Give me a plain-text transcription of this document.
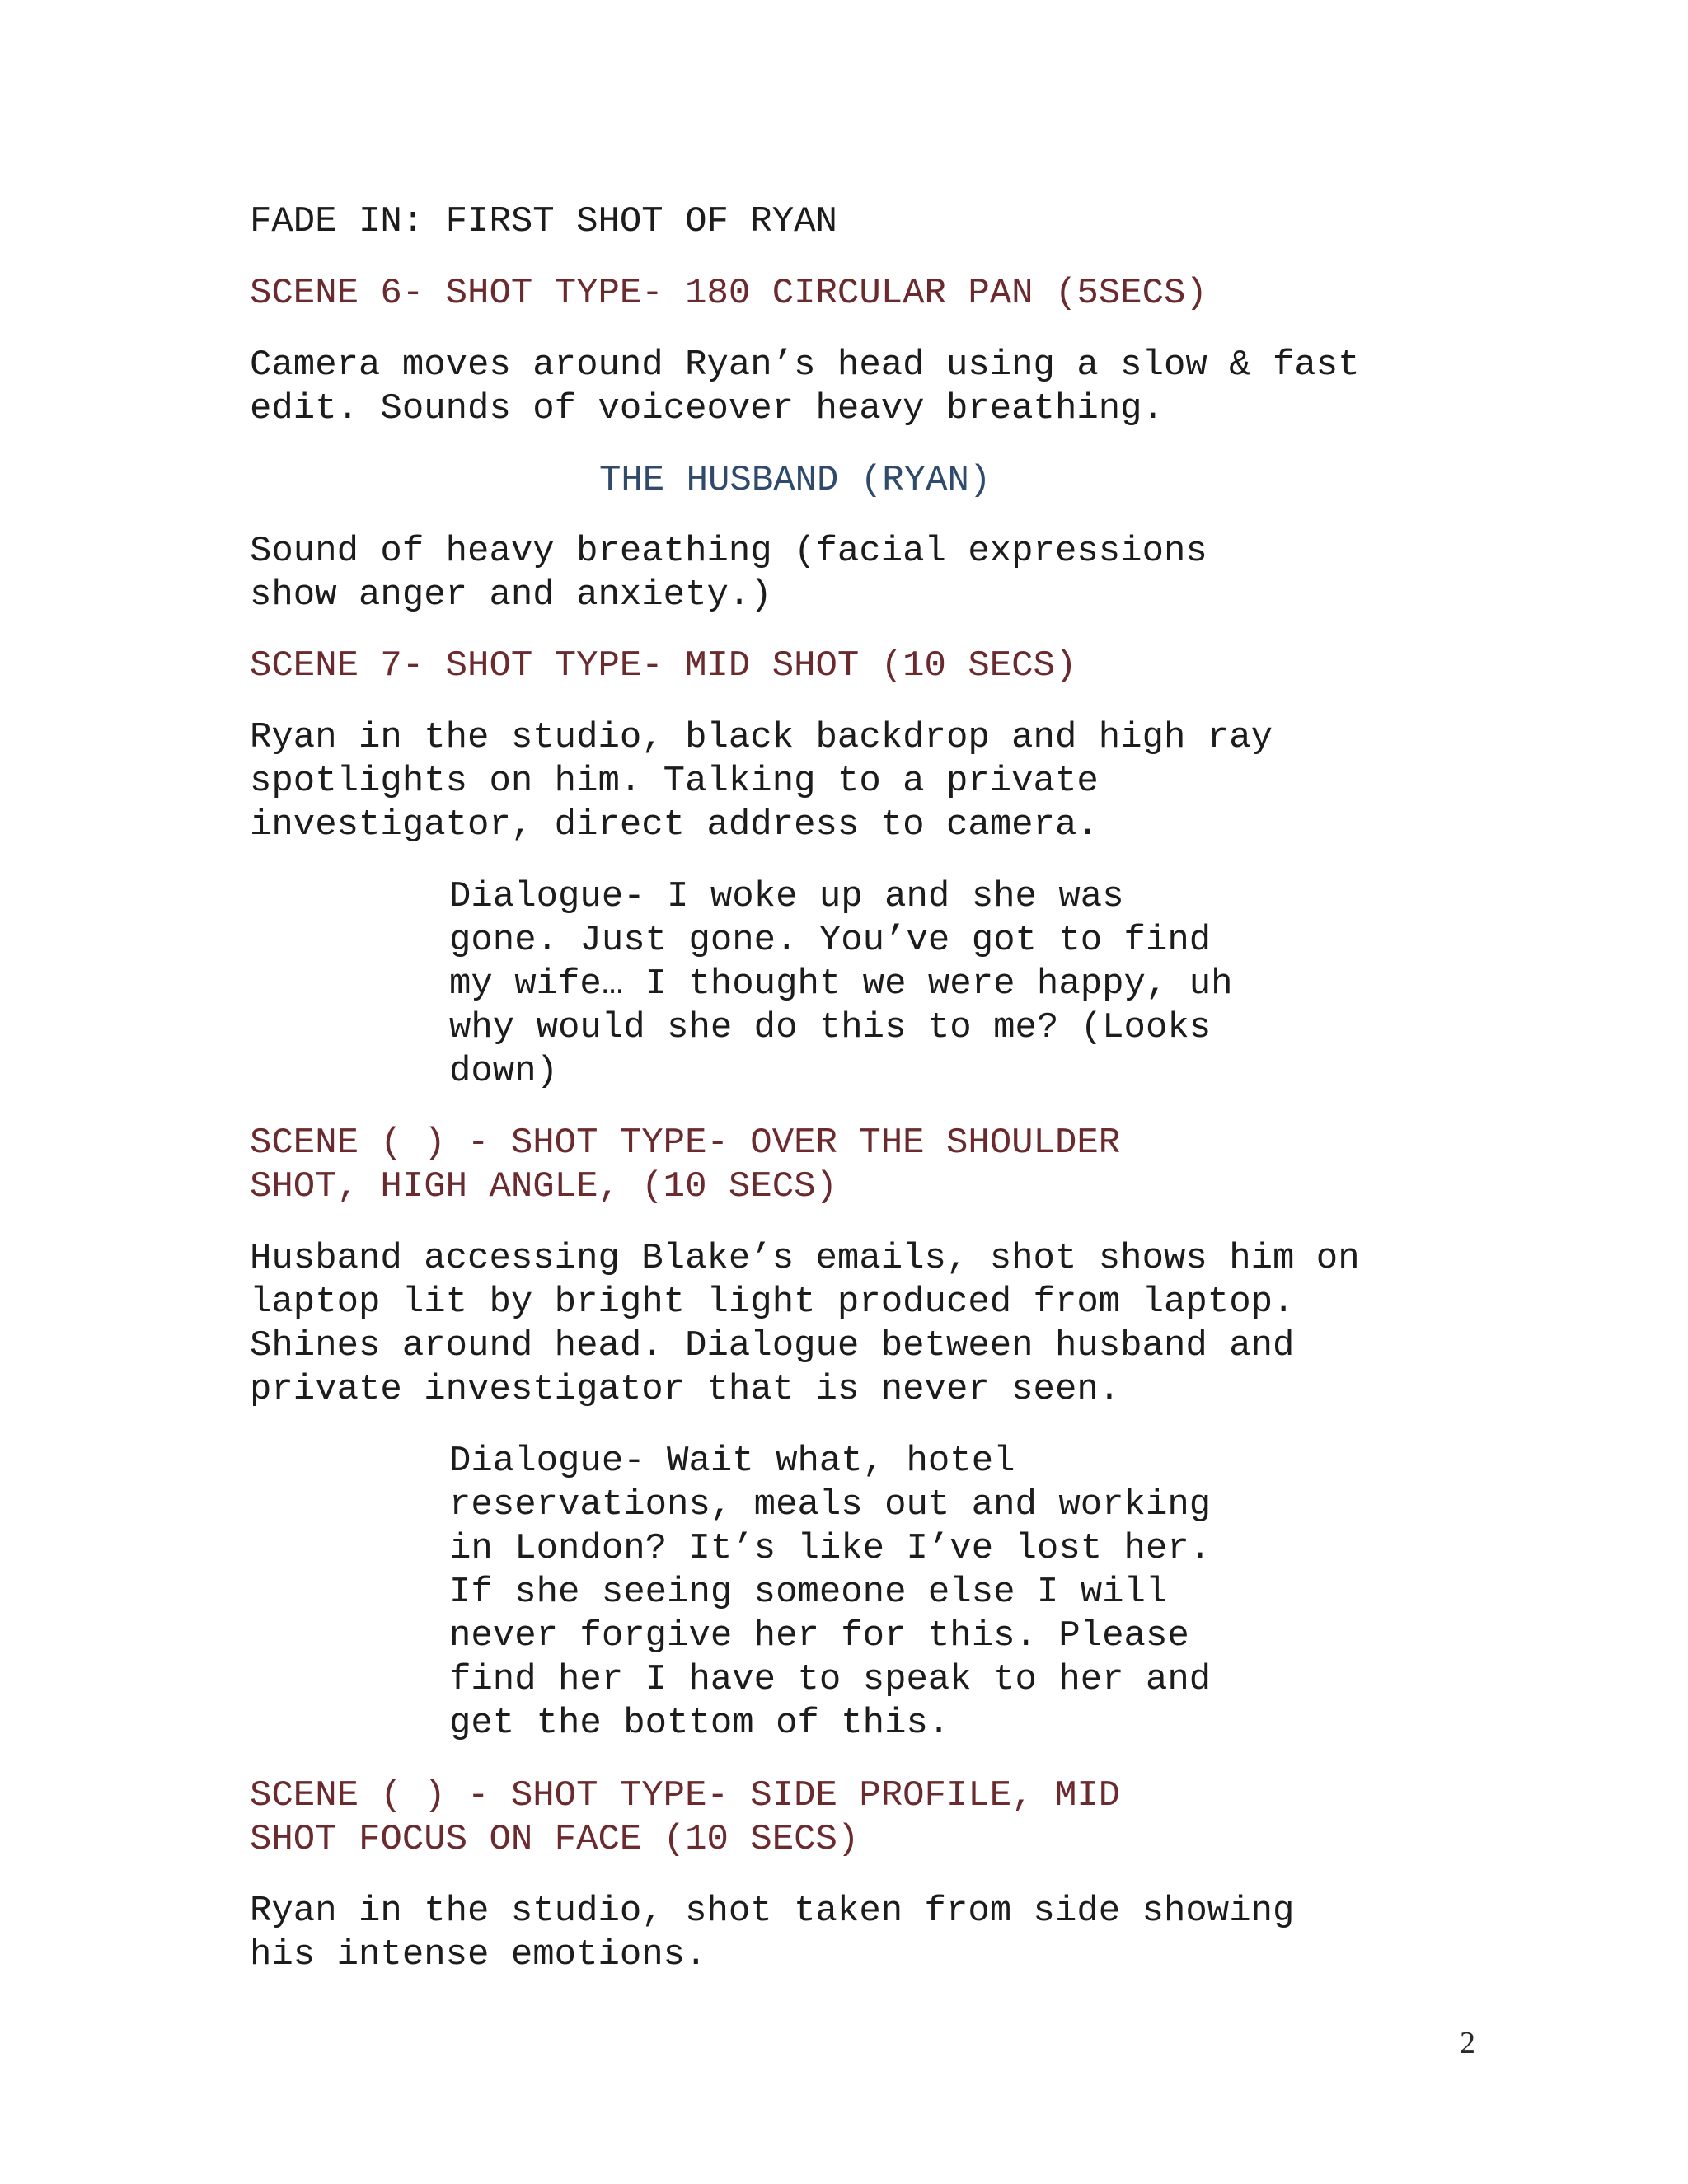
FADE IN: FIRST SHOT OF RYAN

SCENE 6- SHOT TYPE- 180 CIRCULAR PAN (5SECS)

Camera moves around Ryan’s head using a slow & fast
edit. Sounds of voiceover heavy breathing.

THE HUSBAND (RYAN)

Sound of heavy breathing (facial expressions
show anger and anxiety.)

SCENE 7- SHOT TYPE- MID SHOT (10 SECS)

Ryan in the studio, black backdrop and high ray
spotlights on him. Talking to a private
investigator, direct address to camera.

Dialogue- I woke up and she was
gone. Just gone. You’ve got to find
my wife… I thought we were happy, uh
why would she do this to me? (Looks
down)

SCENE ( ) - SHOT TYPE- OVER THE SHOULDER
SHOT, HIGH ANGLE, (10 SECS)

Husband accessing Blake’s emails, shot shows him on
laptop lit by bright light produced from laptop.
Shines around head. Dialogue between husband and
private investigator that is never seen.

Dialogue- Wait what, hotel
reservations, meals out and working
in London? It’s like I’ve lost her.
If she seeing someone else I will
never forgive her for this. Please
find her I have to speak to her and
get the bottom of this.

SCENE ( ) - SHOT TYPE- SIDE PROFILE, MID
SHOT FOCUS ON FACE (10 SECS)

Ryan in the studio, shot taken from side showing
his intense emotions.

2
